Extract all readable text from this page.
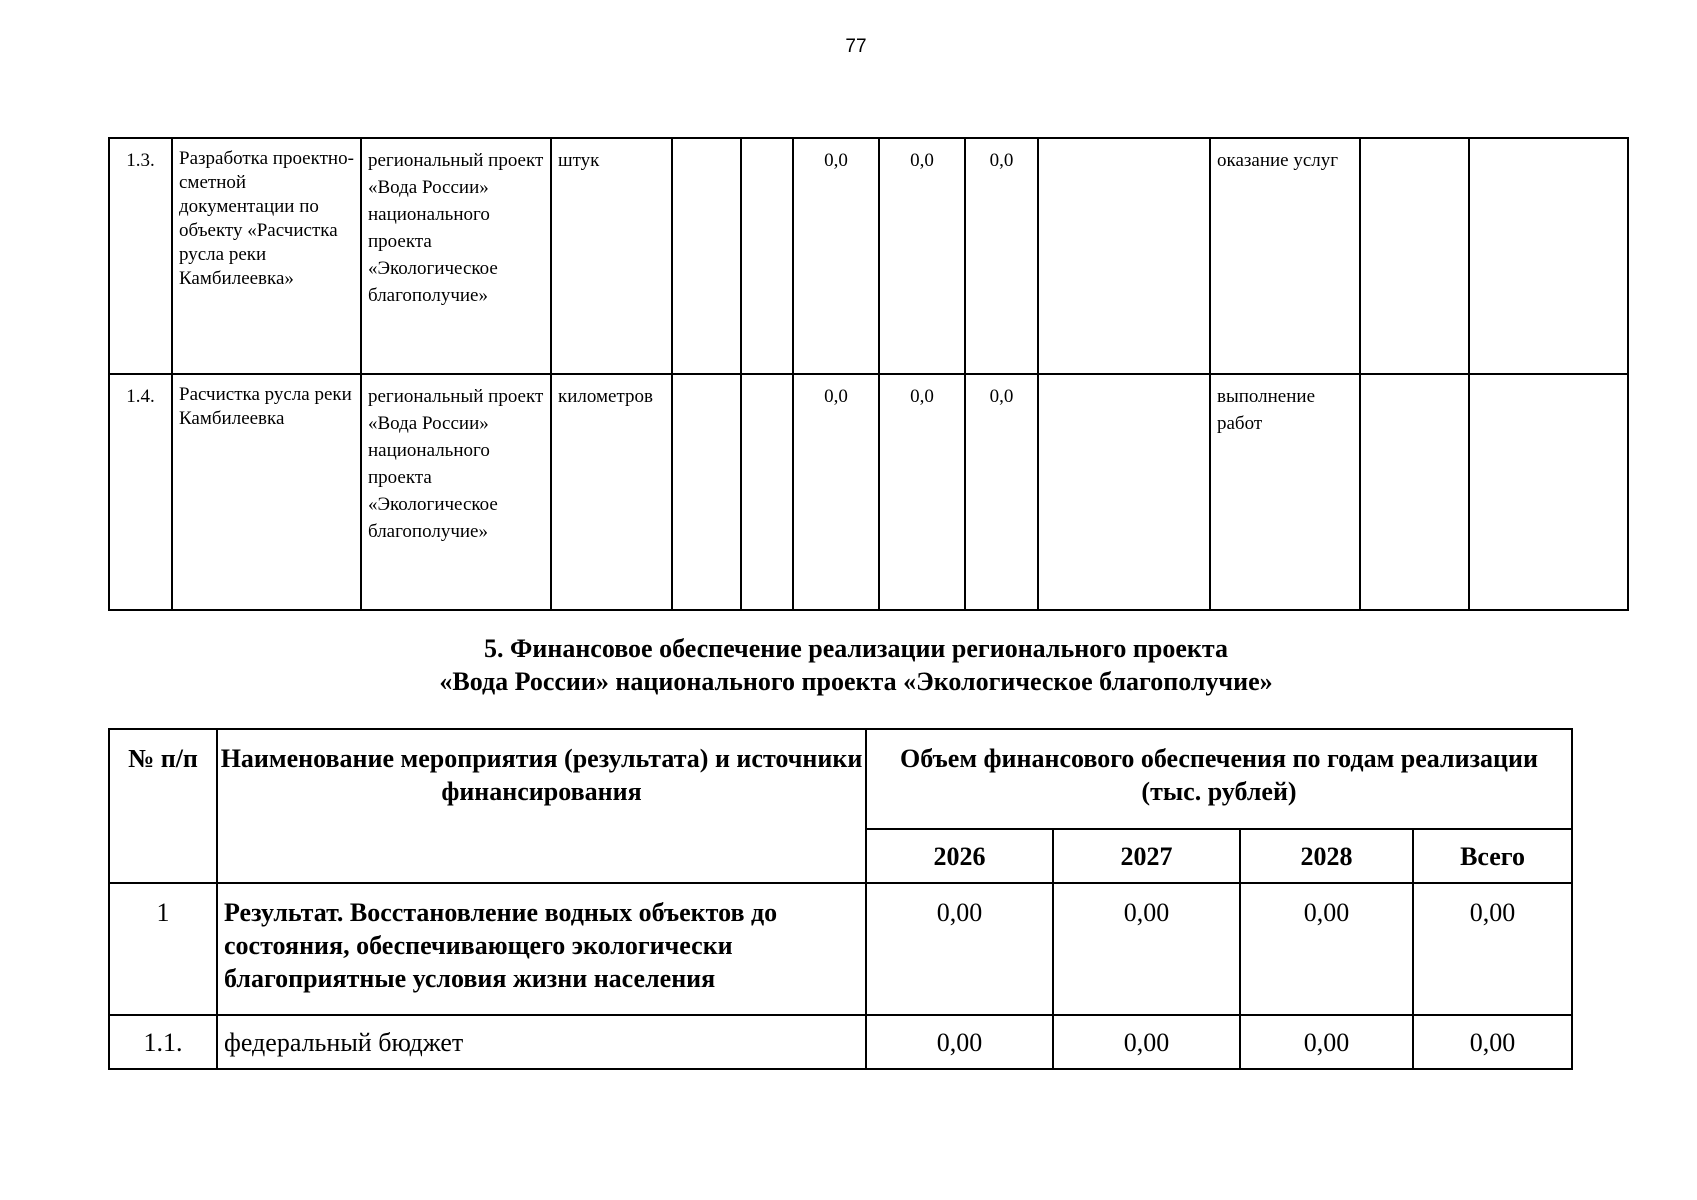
77
1.3.	Разработка проектно-сметной документации по объекту «Расчистка русла реки Камбилеевка»	региональный проект «Вода России» национального проекта «Экологическое благополучие»	штук			0,0	0,0	0,0		оказание услуг		
1.4.	Расчистка русла реки Камбилеевка	региональный проект «Вода России» национального проекта «Экологическое благополучие»	километров			0,0	0,0	0,0		выполнение работ		
5. Финансовое обеспечение реализации регионального проекта
«Вода России» национального проекта «Экологическое благополучие»
№ п/п	Наименование мероприятия (результата) и источники финансирования	Объем финансового обеспечения по годам реализации (тыс. рублей)			
		2026	2027	2028	Всего
1	Результат. Восстановление водных объектов до состояния, обеспечивающего экологически благоприятные условия жизни населения	0,00	0,00	0,00	0,00
1.1.	федеральный бюджет	0,00	0,00	0,00	0,00
